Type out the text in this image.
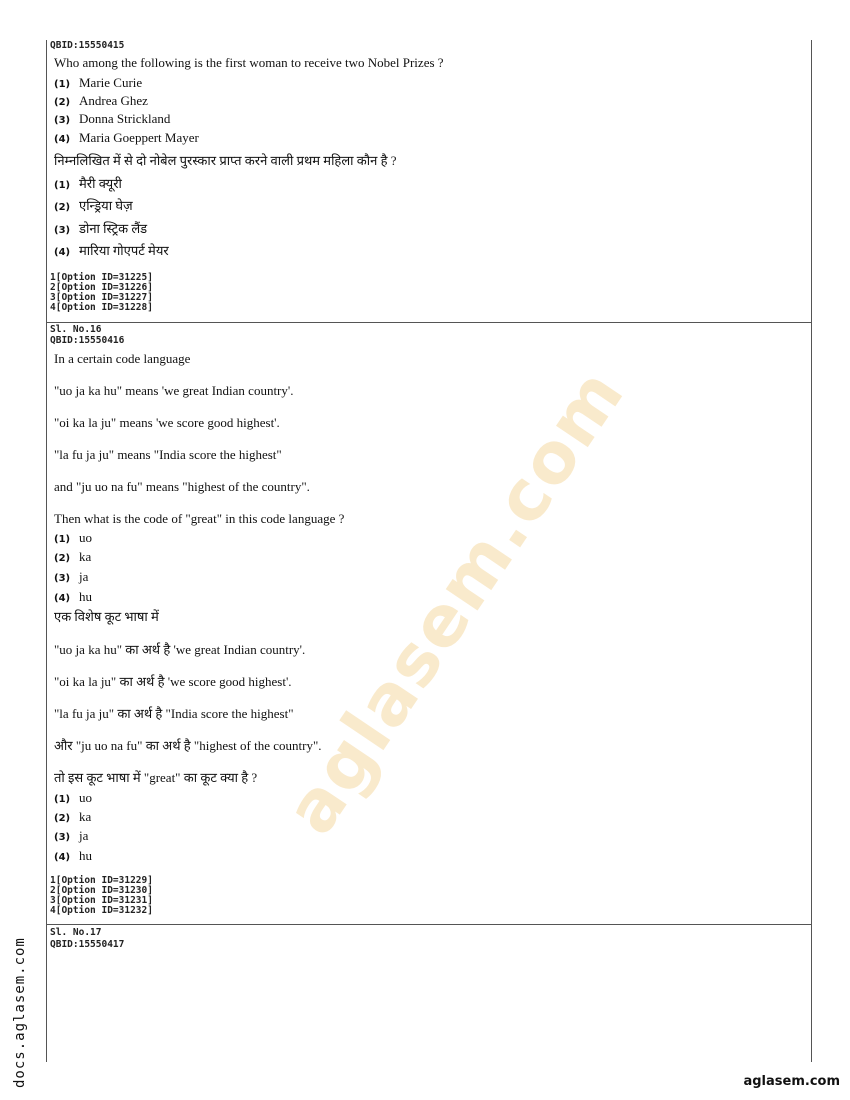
aglasem.com
QBID:15550415
Who among the following is the first woman to receive two Nobel Prizes ?
(1) Marie Curie
(2) Andrea Ghez
(3) Donna Strickland
(4) Maria Goeppert Mayer
निम्नलिखित में से दो नोबेल पुरस्कार प्राप्त करने वाली प्रथम महिला कौन है ?
(1) मैरी क्यूरी
(2) एन्ड्रिया घेज़
(3) डोना स्ट्रिक लैंड
(4) मारिया गोएपर्ट मेयर
1[Option ID=31225]
2[Option ID=31226]
3[Option ID=31227]
4[Option ID=31228]
Sl. No.16
QBID:15550416
In a certain code language
"uo ja ka hu" means 'we great Indian country'.
"oi ka la ju" means 'we score good highest'.
"la fu ja ju" means "India score the highest"
and "ju uo na fu" means "highest of the country".
Then what is the code of "great" in this code language ?
(1) uo
(2) ka
(3) ja
(4) hu
एक विशेष कूट भाषा में
"uo ja ka hu" का अर्थ है 'we great Indian country'.
"oi ka la ju" का अर्थ है 'we score good highest'.
"la fu ja ju" का अर्थ है "India score the highest"
और "ju uo na fu" का अर्थ है "highest of the country".
तो इस कूट भाषा में "great" का कूट क्या है ?
(1) uo
(2) ka
(3) ja
(4) hu
1[Option ID=31229]
2[Option ID=31230]
3[Option ID=31231]
4[Option ID=31232]
Sl. No.17
QBID:15550417
docs.aglasem.com	aglasem.com
